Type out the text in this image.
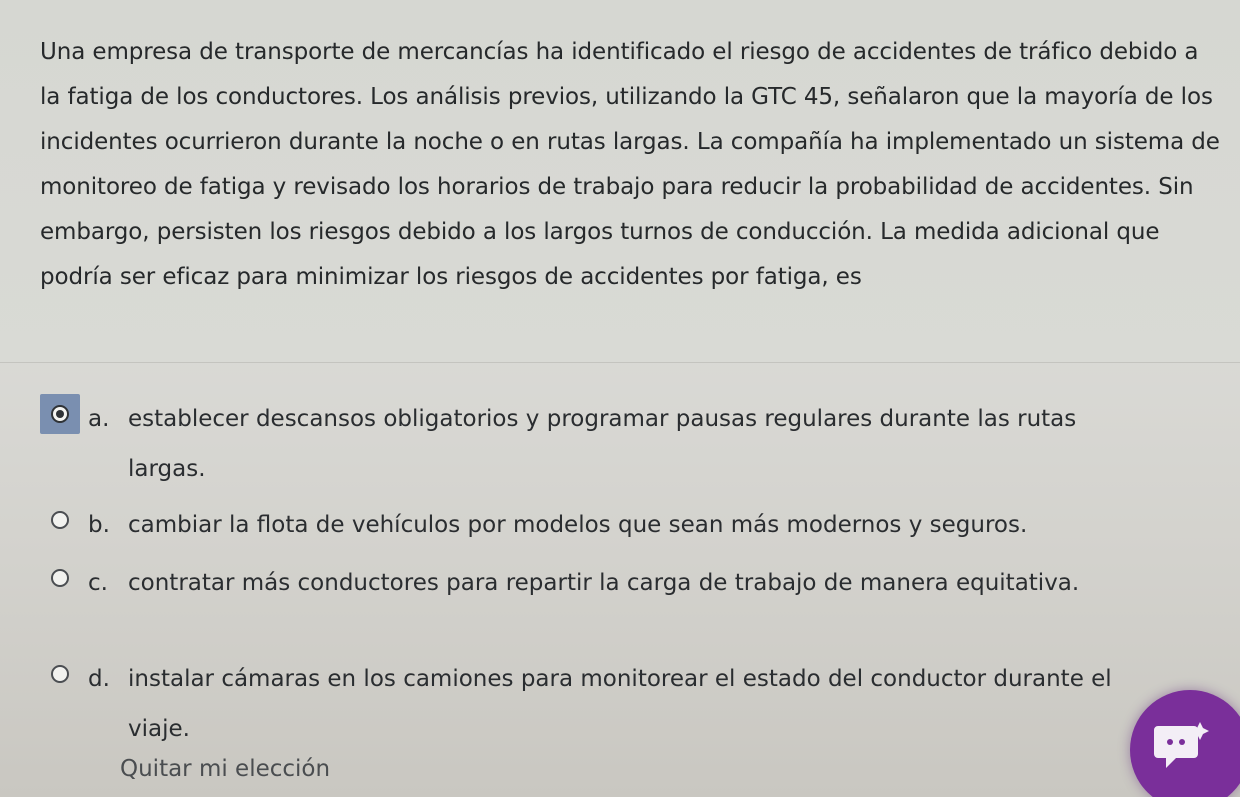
Una empresa de transporte de mercancías ha identificado el riesgo de accidentes de tráfico debido a la fatiga de los conductores. Los análisis previos, utilizando la GTC 45, señalaron que la mayoría de los incidentes ocurrieron durante la noche o en rutas largas. La compañía ha implementado un sistema de monitoreo de fatiga y revisado los horarios de trabajo para reducir la probabilidad de accidentes. Sin embargo, persisten los riesgos debido a los largos turnos de conducción. La medida adicional que podría ser eficaz para minimizar los riesgos de accidentes por fatiga, es

a. establecer descansos obligatorios y programar pausas regulares durante las rutas largas.

b. cambiar la flota de vehículos por modelos que sean más modernos y seguros.

c. contratar más conductores para repartir la carga de trabajo de manera equitativa.

d. instalar cámaras en los camiones para monitorear el estado del conductor durante el viaje.

Quitar mi elección
